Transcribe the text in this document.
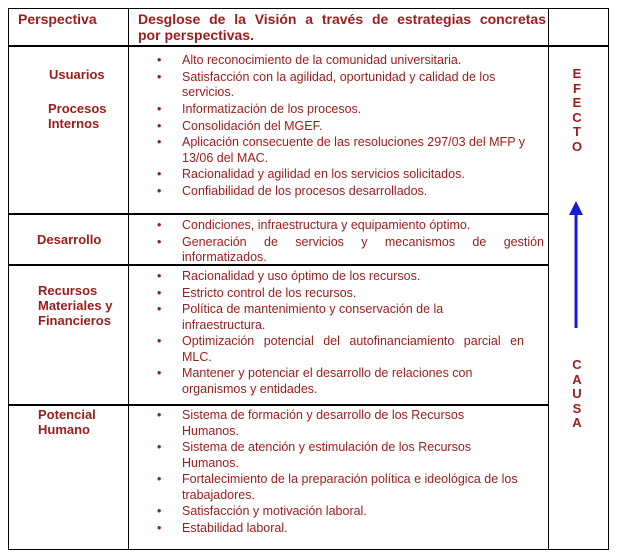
Perspectiva	Desglose de la Visión a través de estrategias concretas
por perspectivas.
Usuarios
• Alto reconocimiento de la comunidad universitaria.
• Satisfacción con la agilidad, oportunidad y calidad de los servicios.
Procesos
Internos
• Informatización de los procesos.
• Consolidación del MGEF.
• Aplicación consecuente de las resoluciones 297/03 del MFP y 13/06 del MAC.
• Racionalidad y agilidad en los servicios solicitados.
• Confiabilidad de los procesos desarrollados.
Desarrollo
• Condiciones, infraestructura y equipamiento óptimo.
• Generación de servicios y mecanismos de gestión informatizados.
Recursos
Materiales y
Financieros
• Racionalidad y uso óptimo de los recursos.
• Estricto control de los recursos.
• Política de mantenimiento y conservación de la infraestructura.
• Optimización potencial del autofinanciamiento parcial en MLC.
• Mantener y potenciar el desarrollo de relaciones con organismos y entidades.
Potencial
Humano
• Sistema de formación y desarrollo de los Recursos Humanos.
• Sistema de atención y estimulación de los Recursos Humanos.
• Fortalecimiento de la preparación política e ideológica de los trabajadores.
• Satisfacción y motivación laboral.
• Estabilidad laboral.
E
F
E
C
T
O
C
A
U
S
A
